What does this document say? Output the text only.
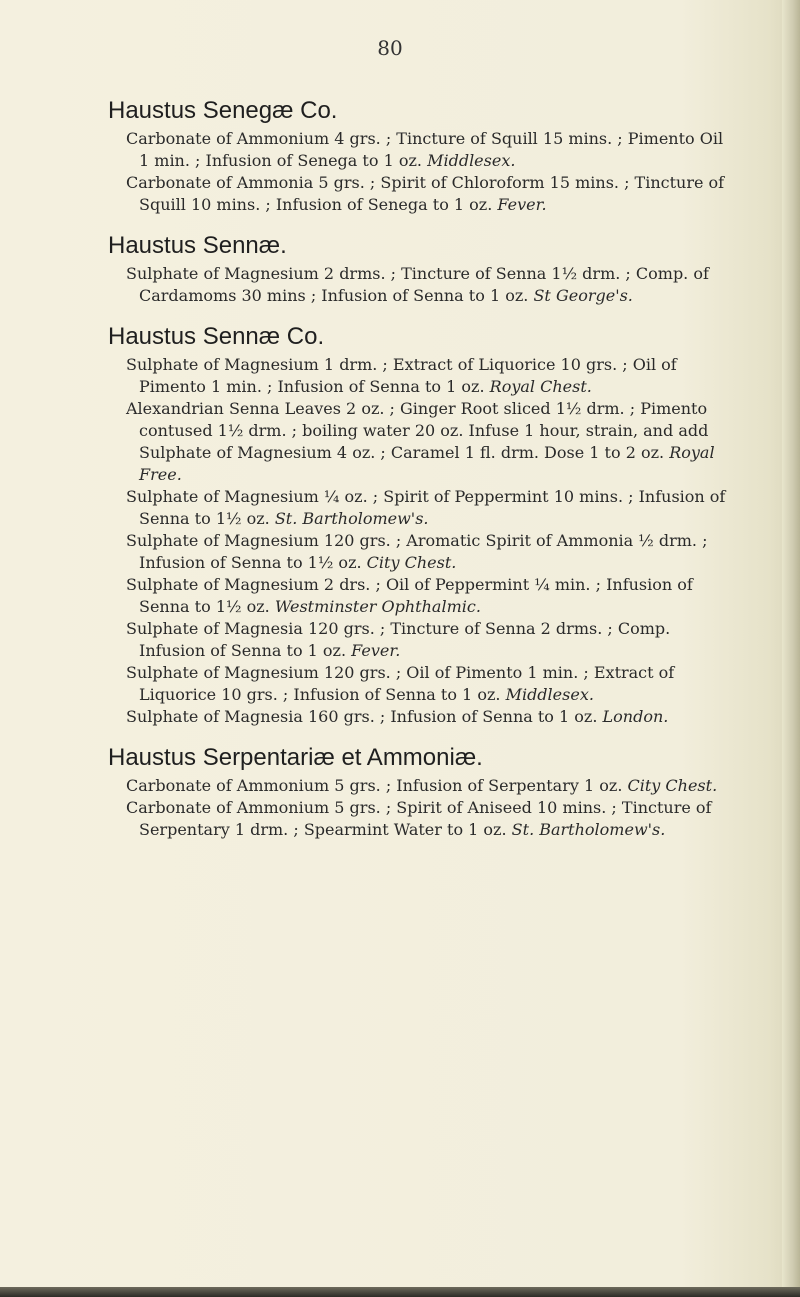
80
Haustus Senegæ Co.

Carbonate of Ammonium 4 grs. ; Tincture of Squill 15 mins. ; Pimento Oil 1 min. ; Infusion of Senega to 1 oz. Middlesex.

Carbonate of Ammonia 5 grs. ; Spirit of Chloroform 15 mins. ; Tincture of Squill 10 mins. ; Infusion of Senega to 1 oz. Fever.

Haustus Sennæ.

Sulphate of Magnesium 2 drms. ; Tincture of Senna 1½ drm. ; Comp. of Cardamoms 30 mins ; Infusion of Senna to 1 oz. St George's.

Haustus Sennæ Co.

Sulphate of Magnesium 1 drm. ; Extract of Liquorice 10 grs. ; Oil of Pimento 1 min. ; Infusion of Senna to 1 oz. Royal Chest.

Alexandrian Senna Leaves 2 oz. ; Ginger Root sliced 1½ drm. ; Pimento contused 1½ drm. ; boiling water 20 oz. Infuse 1 hour, strain, and add Sulphate of Magnesium 4 oz. ; Caramel 1 fl. drm. Dose 1 to 2 oz. Royal Free.

Sulphate of Magnesium ¼ oz. ; Spirit of Peppermint 10 mins. ; Infusion of Senna to 1½ oz. St. Bartholomew's.

Sulphate of Magnesium 120 grs. ; Aromatic Spirit of Ammonia ½ drm. ; Infusion of Senna to 1½ oz. City Chest.

Sulphate of Magnesium 2 drs. ; Oil of Peppermint ¼ min. ; Infusion of Senna to 1½ oz. Westminster Ophthalmic.

Sulphate of Magnesia 120 grs. ; Tincture of Senna 2 drms. ; Comp. Infusion of Senna to 1 oz. Fever.

Sulphate of Magnesium 120 grs. ; Oil of Pimento 1 min. ; Extract of Liquorice 10 grs. ; Infusion of Senna to 1 oz. Middlesex.

Sulphate of Magnesia 160 grs. ; Infusion of Senna to 1 oz. London.

Haustus Serpentariæ et Ammoniæ.

Carbonate of Ammonium 5 grs. ; Infusion of Serpentary 1 oz. City Chest.

Carbonate of Ammonium 5 grs. ; Spirit of Aniseed 10 mins. ; Tincture of Serpentary 1 drm. ; Spearmint Water to 1 oz. St. Bartholomew's.
